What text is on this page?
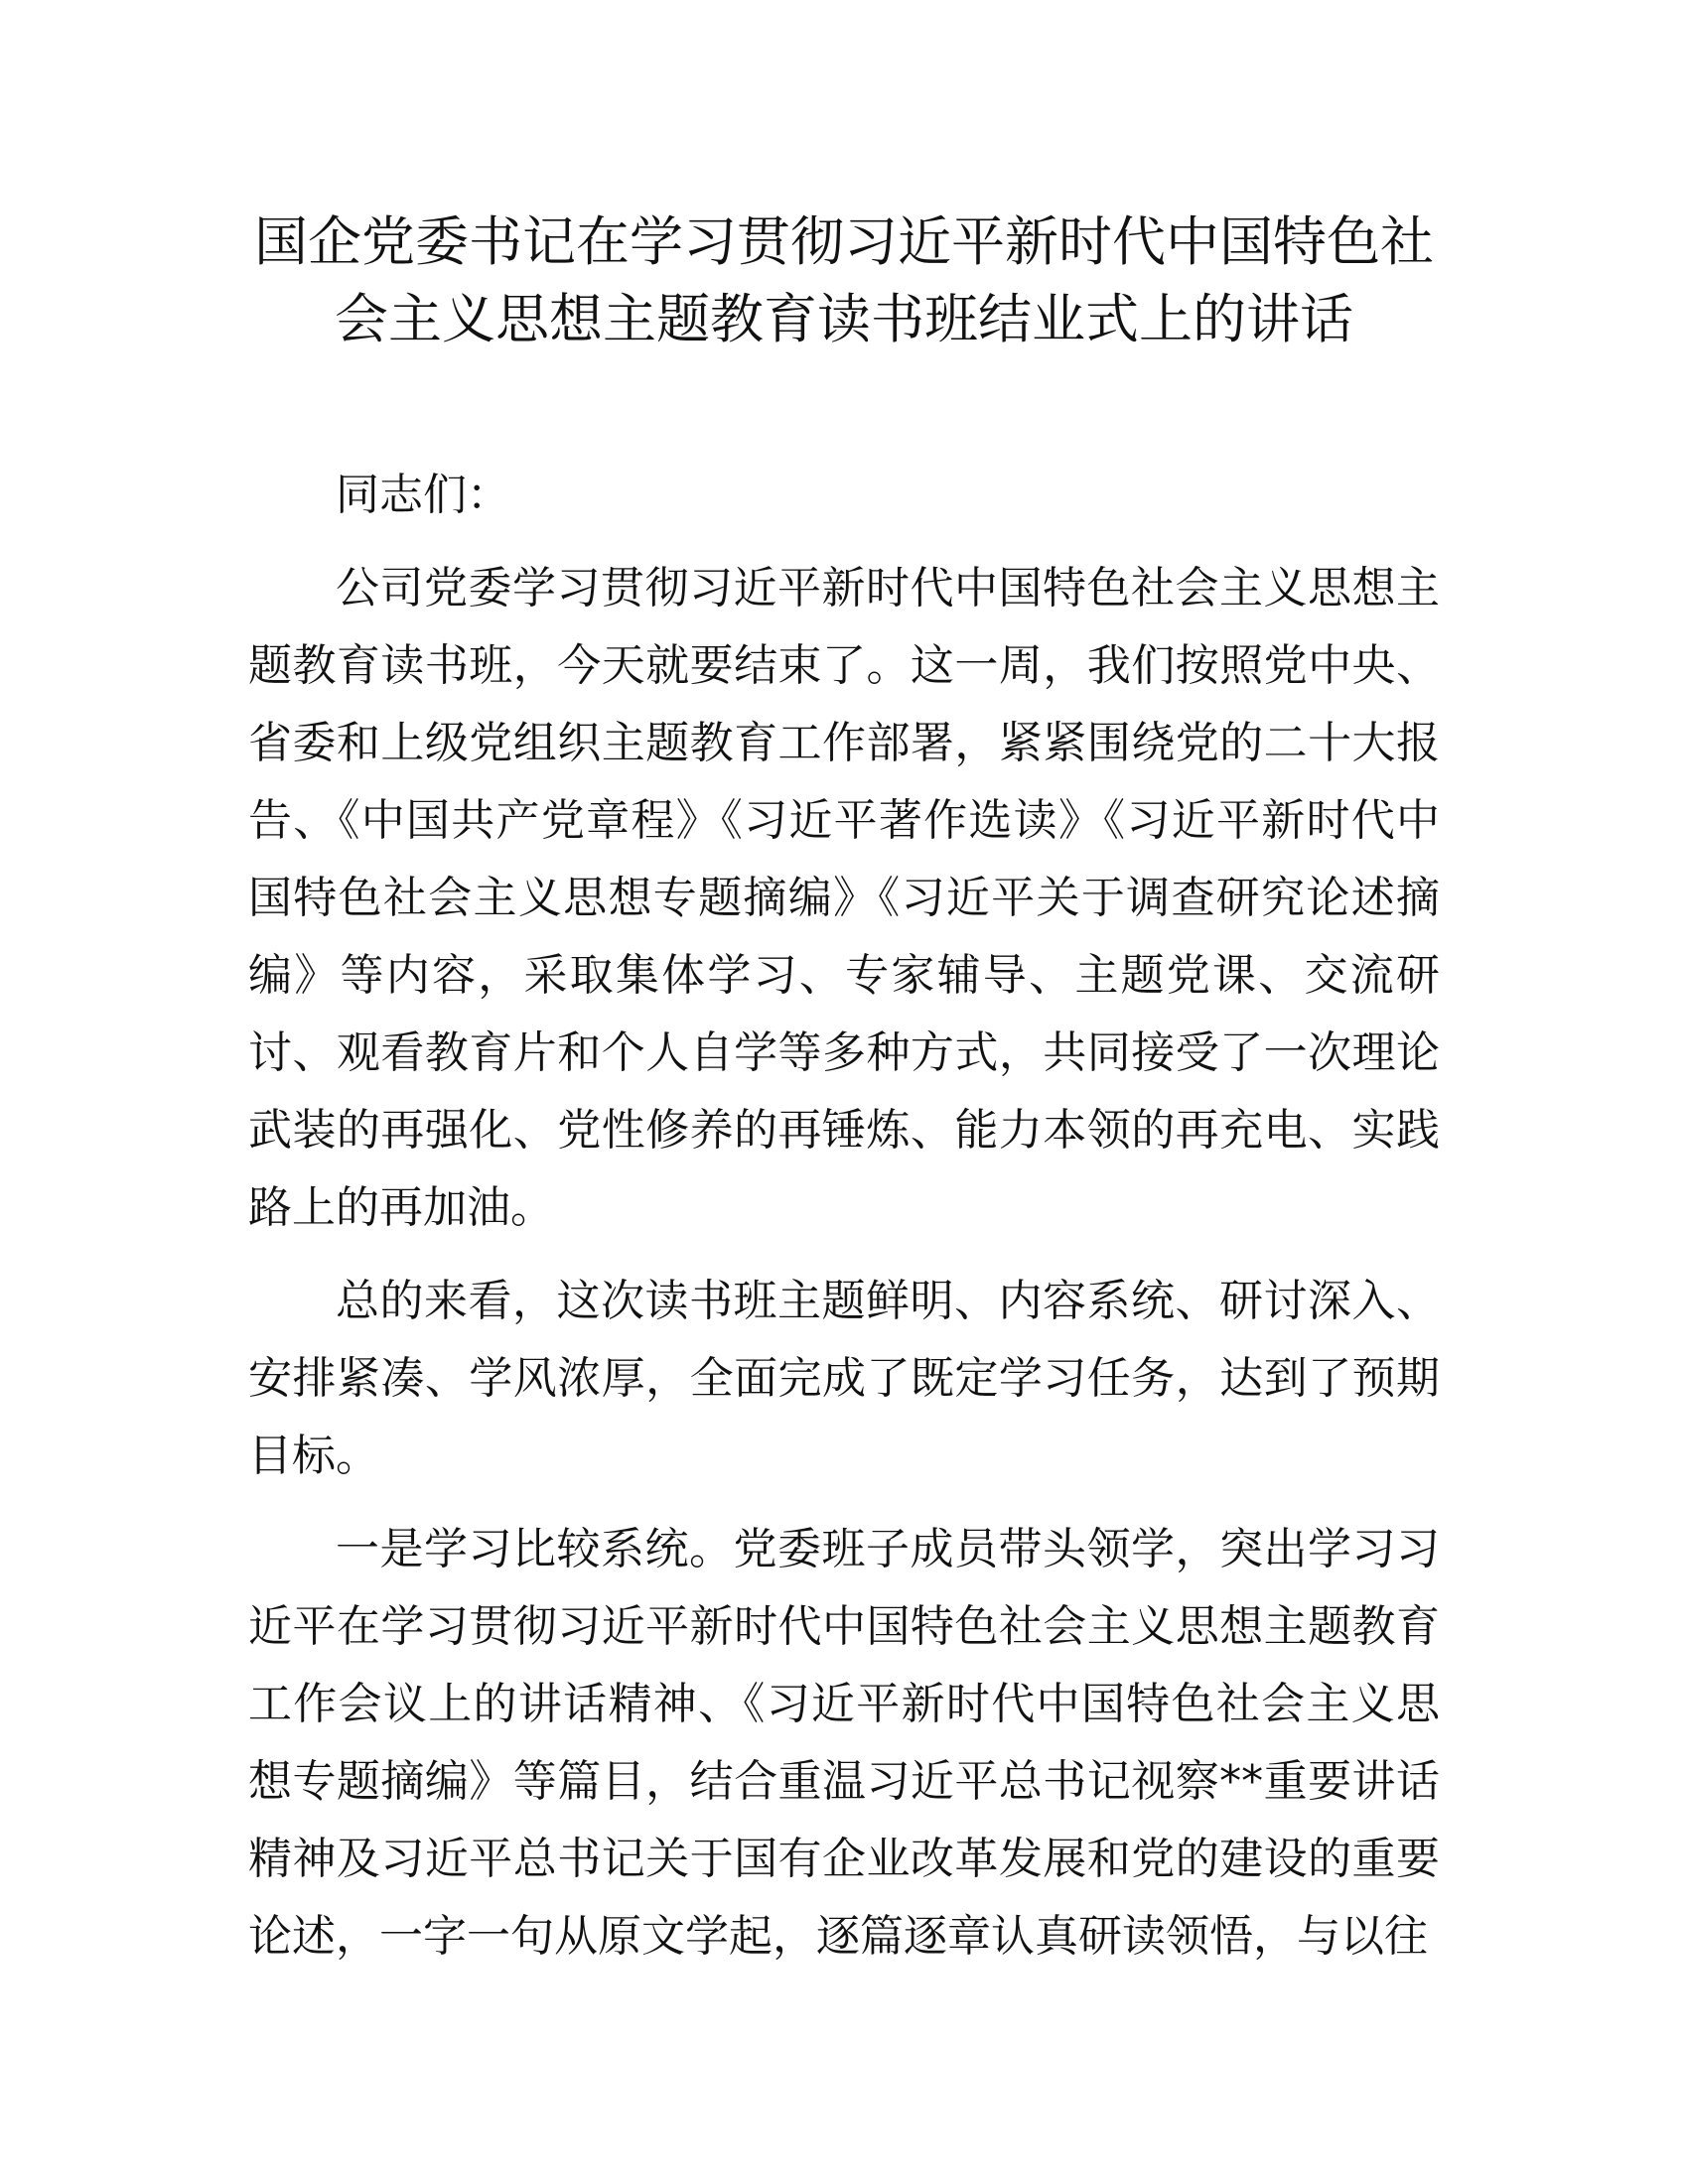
国企党委书记在学习贯彻习近平新时代中国特色社会主义思想主题教育读书班结业式上的讲话

同志们：

公司党委学习贯彻习近平新时代中国特色社会主义思想主题教育读书班，今天就要结束了。这一周，我们按照党中央、省委和上级党组织主题教育工作部署，紧紧围绕党的二十大报告、《中国共产党章程》《习近平著作选读》《习近平新时代中国特色社会主义思想专题摘编》《习近平关于调查研究论述摘编》等内容，采取集体学习、专家辅导、主题党课、交流研讨、观看教育片和个人自学等多种方式，共同接受了一次理论武装的再强化、党性修养的再锤炼、能力本领的再充电、实践路上的再加油。

总的来看，这次读书班主题鲜明、内容系统、研讨深入、安排紧凑、学风浓厚，全面完成了既定学习任务，达到了预期目标。

一是学习比较系统。党委班子成员带头领学，突出学习习近平在学习贯彻习近平新时代中国特色社会主义思想主题教育工作会议上的讲话精神、《习近平新时代中国特色社会主义思想专题摘编》等篇目，结合重温习近平总书记视察**重要讲话精神及习近平总书记关于国有企业改革发展和党的建设的重要论述，一字一句从原文学起，逐篇逐章认真研读领悟，与以往
